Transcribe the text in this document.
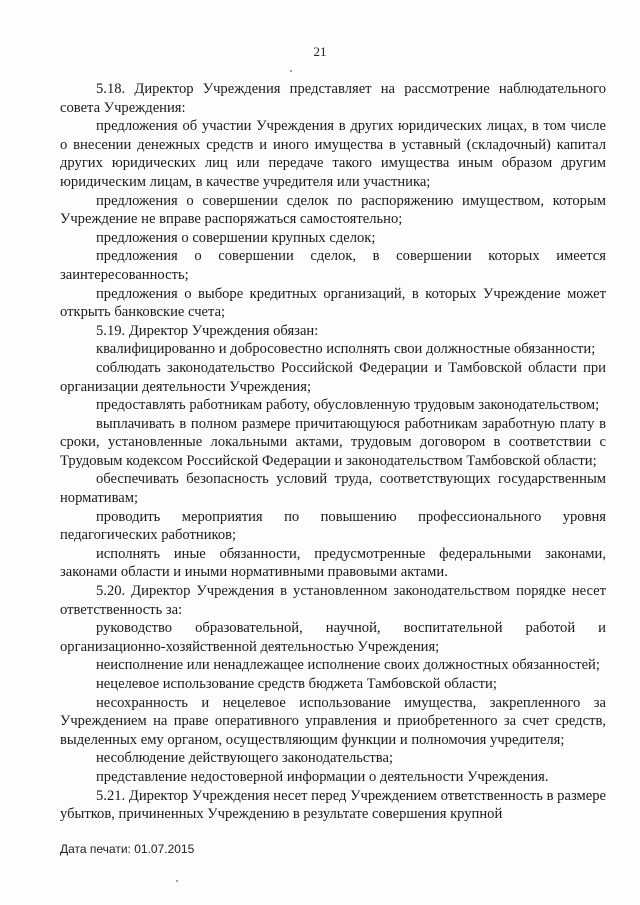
21

5.18. Директор Учреждения представляет на рассмотрение наблюдательного совета Учреждения:

предложения об участии Учреждения в других юридических лицах, в том числе о внесении денежных средств и иного имущества в уставный (складочный) капитал других юридических лиц или передаче такого имущества иным образом другим юридическим лицам, в качестве учредителя или участника;

предложения о совершении сделок по распоряжению имуществом, которым Учреждение не вправе распоряжаться самостоятельно;

предложения о совершении крупных сделок;

предложения о совершении сделок, в совершении которых имеется заинтересованность;

предложения о выборе кредитных организаций, в которых Учреждение может открыть банковские счета;

5.19. Директор Учреждения обязан:

квалифицированно и добросовестно исполнять свои должностные обязанности;

соблюдать законодательство Российской Федерации и Тамбовской области при организации деятельности Учреждения;

предоставлять работникам работу, обусловленную трудовым законодательством;

выплачивать в полном размере причитающуюся работникам заработную плату в сроки, установленные локальными актами, трудовым договором в соответствии с Трудовым кодексом Российской Федерации и законодательством Тамбовской области;

обеспечивать безопасность условий труда, соответствующих государственным нормативам;

проводить мероприятия по повышению профессионального уровня педагогических работников;

исполнять иные обязанности, предусмотренные федеральными законами, законами области и иными нормативными правовыми актами.

5.20. Директор Учреждения в установленном законодательством порядке несет ответственность за:

руководство образовательной, научной, воспитательной работой и организационно-хозяйственной деятельностью Учреждения;

неисполнение или ненадлежащее исполнение своих должностных обязанностей;

нецелевое использование средств бюджета Тамбовской области;

несохранность и нецелевое использование имущества, закрепленного за Учреждением на праве оперативного управления и приобретенного за счет средств, выделенных ему органом, осуществляющим функции и полномочия учредителя;

несоблюдение действующего законодательства;

представление недостоверной информации о деятельности Учреждения.

5.21. Директор Учреждения несет перед Учреждением ответственность в размере убытков, причиненных Учреждению в результате совершения крупной

Дата печати: 01.07.2015
